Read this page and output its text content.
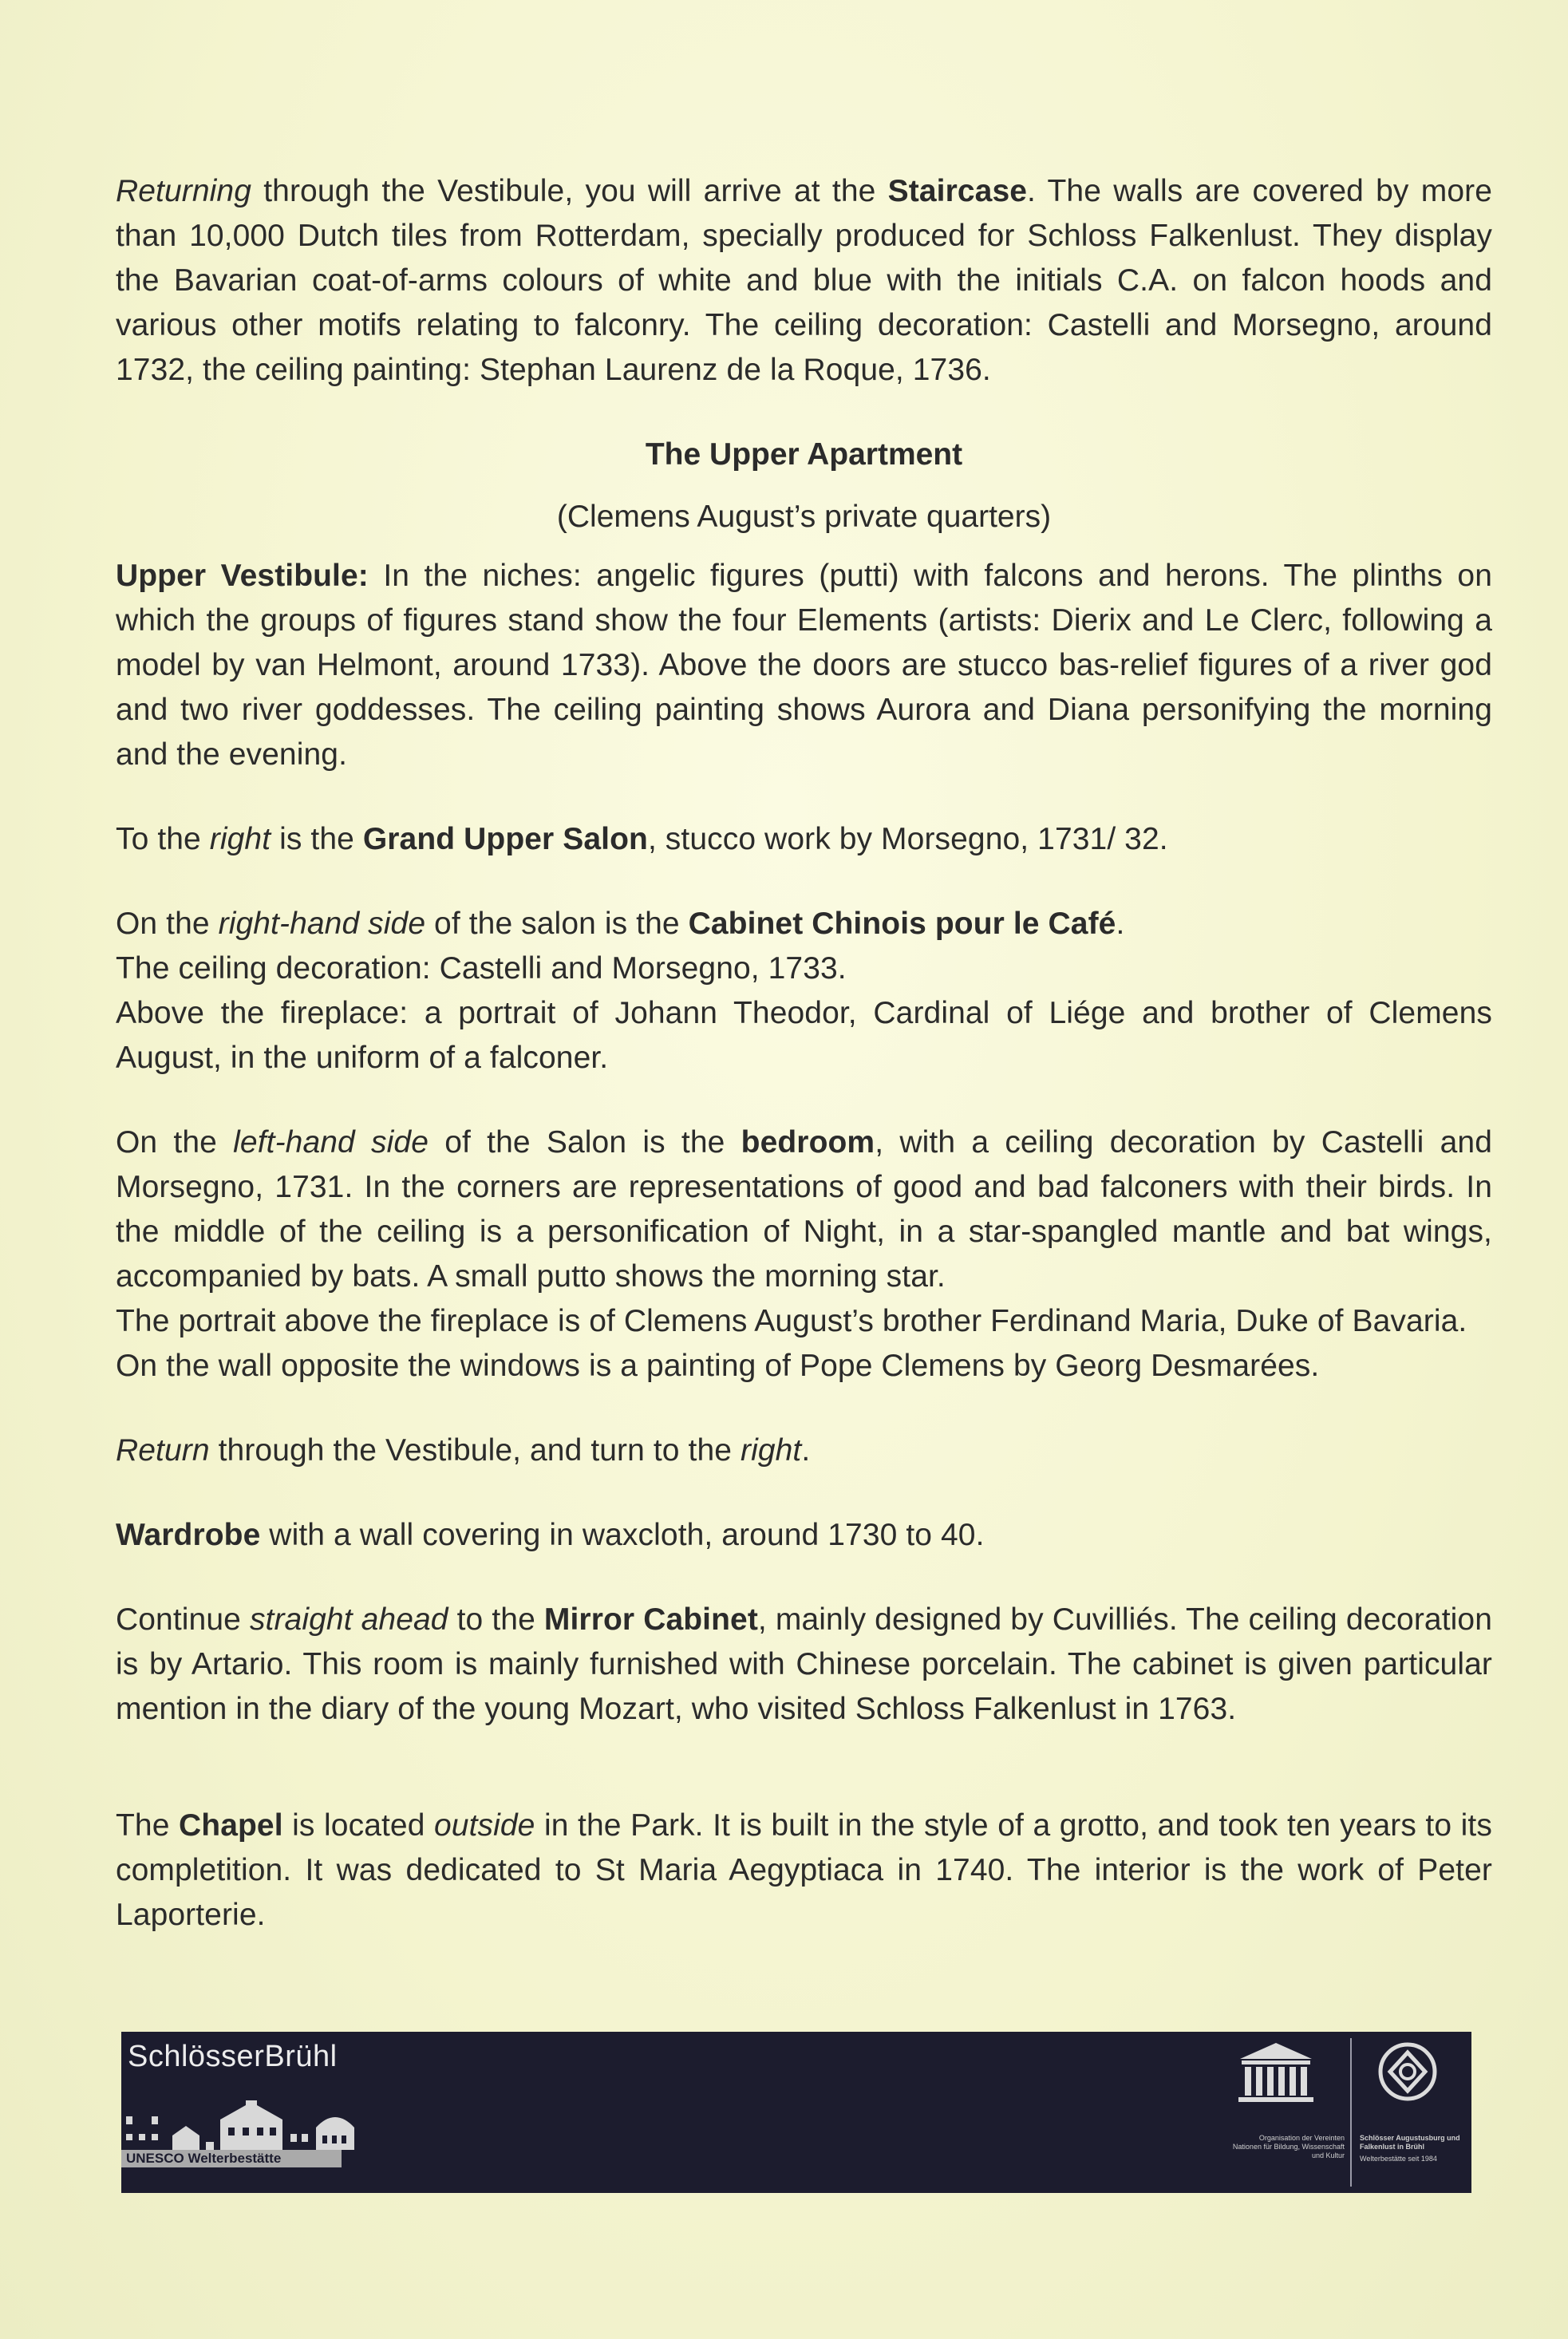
Returning through the Vestibule, you will arrive at the Staircase. The walls are covered by more than 10,000 Dutch tiles from Rotterdam, specially produced for Schloss Falkenlust. They display the Bavarian coat-of-arms colours of white and blue with the initials C.A. on falcon hoods and various other motifs relating to falconry. The ceiling decoration: Castelli and Morsegno, around 1732, the ceiling painting: Stephan Laurenz de la Roque, 1736.

The Upper Apartment
(Clemens August’s private quarters)

Upper Vestibule: In the niches: angelic figures (putti) with falcons and herons. The plinths on which the groups of figures stand show the four Elements (artists: Dierix and Le Clerc, following a model by van Helmont, around 1733). Above the doors are stucco bas-relief figures of a river god and two river goddesses. The ceiling painting shows Aurora and Diana personifying the morning and the evening.

To the right is the Grand Upper Salon, stucco work by Morsegno, 1731/ 32.

On the right-hand side of the salon is the Cabinet Chinois pour le Café.

The ceiling decoration: Castelli and Morsegno, 1733.

Above the fireplace: a portrait of Johann Theodor, Cardinal of Liége and brother of Clemens August, in the uniform of a falconer.

On the left-hand side of the Salon is the bedroom, with a ceiling decoration by Castelli and Morsegno, 1731. In the corners are representations of good and bad falconers with their birds. In the middle of the ceiling is a personification of Night, in a star-spangled mantle and bat wings, accompanied by bats. A small putto shows the morning star.

The portrait above the fireplace is of Clemens August’s brother Ferdinand Maria, Duke of Bavaria.

On the wall opposite the windows is a painting of Pope Clemens by Georg Desmarées.

Return through the Vestibule, and turn to the right.

Wardrobe with a wall covering in waxcloth, around 1730 to 40.

Continue straight ahead to the Mirror Cabinet, mainly designed by Cuvilliés. The ceiling decoration is by Artario. This room is mainly furnished with Chinese porcelain. The cabinet is given particular mention in the diary of the young Mozart, who visited Schloss Falkenlust in 1763.

The Chapel is located outside in the Park. It is built in the style of a grotto, and took ten years to its completition. It was dedicated to St Maria Aegyptiaca in 1740. The interior is the work of Peter Laporterie.

SchlösserBrühl
UNESCO Welterbestätte
Organisation der Vereinten Nationen für Bildung, Wissenschaft und Kultur
Schlösser Augustusburg und Falkenlust in Brühl
Welterbestätte seit 1984
